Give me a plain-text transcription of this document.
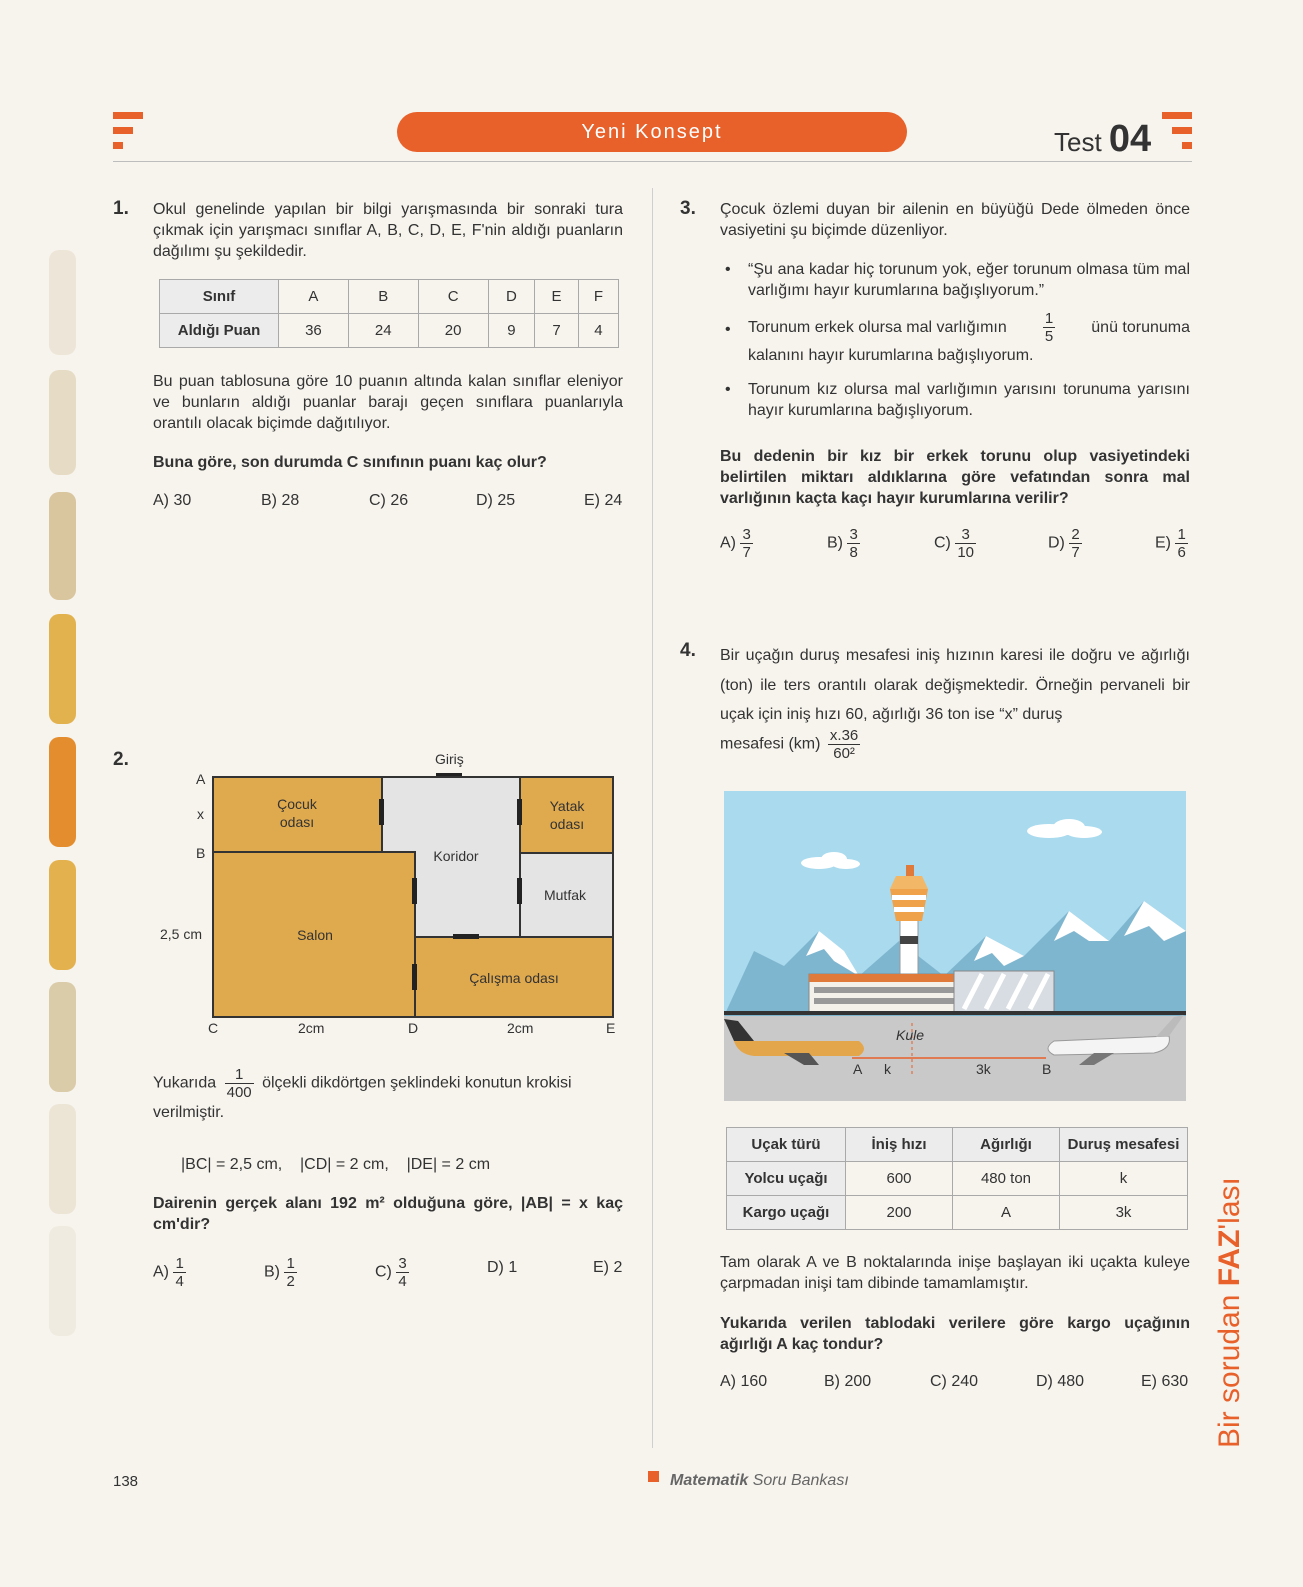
Yeni Konsept	Test 04
1. Okul genelinde yapılan bir bilgi yarışmasında bir sonraki tura çıkmak için yarışmacı sınıflar A, B, C, D, E, F'nin aldığı puanların dağılımı şu şekildedir.
Sınıf	A	B	C	D	E	F
Aldığı Puan	36	24	20	9	7	4
Bu puan tablosuna göre 10 puanın altında kalan sınıflar eleniyor ve bunların aldığı puanlar barajı geçen sınıflara puanlarıyla orantılı olacak biçimde dağıtılıyor.
Buna göre, son durumda C sınıfının puanı kaç olur?
A) 30	B) 28	C) 26	D) 25	E) 24
2.	Giriş
Çocuk
odası
Koridor
Yatak
odası
Mutfak
Salon
Çalışma odası
A
x
B
2,5 cm
C	2cm	D	2cm	E
Yukarıda $\frac{1}{400}$ ölçekli dikdörtgen şeklindeki konutun krokisi verilmiştir.
|BC| = 2,5 cm,    |CD| = 2 cm,    |DE| = 2 cm
Dairenin gerçek alanı 192 m² olduğuna göre, |AB| = x kaç cm'dir?
$A) \frac{1}{4}$	$B) \frac{1}{2}$	$C) \frac{3}{4}$	D) 1	E) 2
3. Çocuk özlemi duyan bir ailenin en büyüğü Dede ölmeden önce vasiyetini şu biçimde düzenliyor.
• “Şu ana kadar hiç torunum yok, eğer torunum olmasa tüm mal varlığımı hayır kurumlarına bağışlıyorum.”
• Torunum erkek olursa mal varlığımın $\frac{1}{5}$ ünü torunuma
kalanını hayır kurumlarına bağışlıyorum.
• Torunum kız olursa mal varlığımın yarısını torunuma yarısını hayır kurumlarına bağışlıyorum.
Bu dedenin bir kız bir erkek torunu olup vasiyetindeki belirtilen miktarı aldıklarına göre vefatından sonra mal varlığının kaçta kaçı hayır kurumlarına verilir?
$A) \frac{3}{7}$	$B) \frac{3}{8}$	$C) \frac{3}{10}$	$D) \frac{2}{7}$	$E) \frac{1}{6}$
4. Bir uçağın duruş mesafesi iniş hızının karesi ile doğru ve ağırlığı (ton) ile ters orantılı olarak değişmektedir. Örneğin pervaneli bir uçak için iniş hızı 60, ağırlığı 36 ton ise “x” duruş
mesafesi $(km) \frac{x.36}{\text{60²}}$
Kule
A k	3k	B
Uçak türü	İniş hızı	Ağırlığı	Duruş mesafesi
Yolcu uçağı	600	480 ton	k
Kargo uçağı	200	A	3k
Tam olarak A ve B noktalarında inişe başlayan iki uçakta kuleye çarpmadan inişi tam dibinde tamamlamıştır.
Yukarıda verilen tablodaki verilere göre kargo uçağının ağırlığı A kaç tondur?
A) 160	B) 200	C) 240	D) 480	E) 630
138	Matematik Soru Bankası
Bir sorudan FAZ'lası
